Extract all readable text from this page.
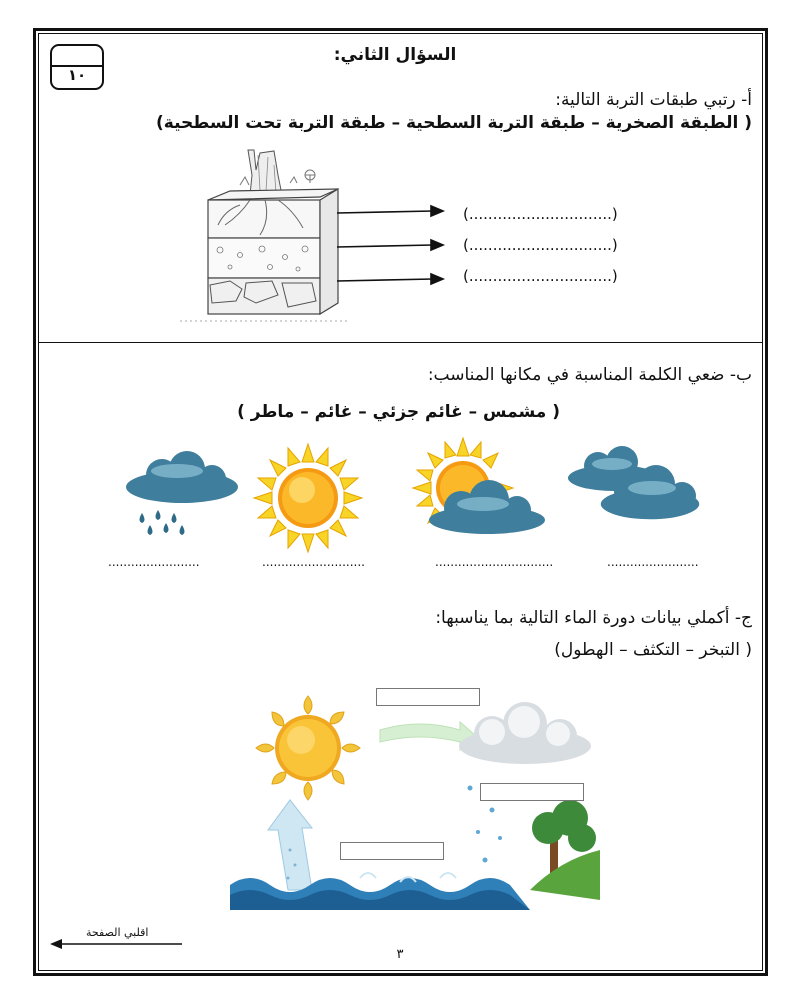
السؤال الثاني:
١٠
أ- رتبي طبقات التربة التالية:
( الطبقة الصخرية – طبقة التربة السطحية – طبقة التربة تحت السطحية)
(..............................)
(..............................)
(..............................)
ب- ضعي الكلمة المناسبة في مكانها المناسب:
( مشمس – غائم جزئي – غائم – ماطر )
........................	...........................	...............................	........................
ج- أكملي بيانات دورة الماء التالية بما يناسبها:
( التبخر – التكثف – الهطول)
اقلبي الصفحة
٣
